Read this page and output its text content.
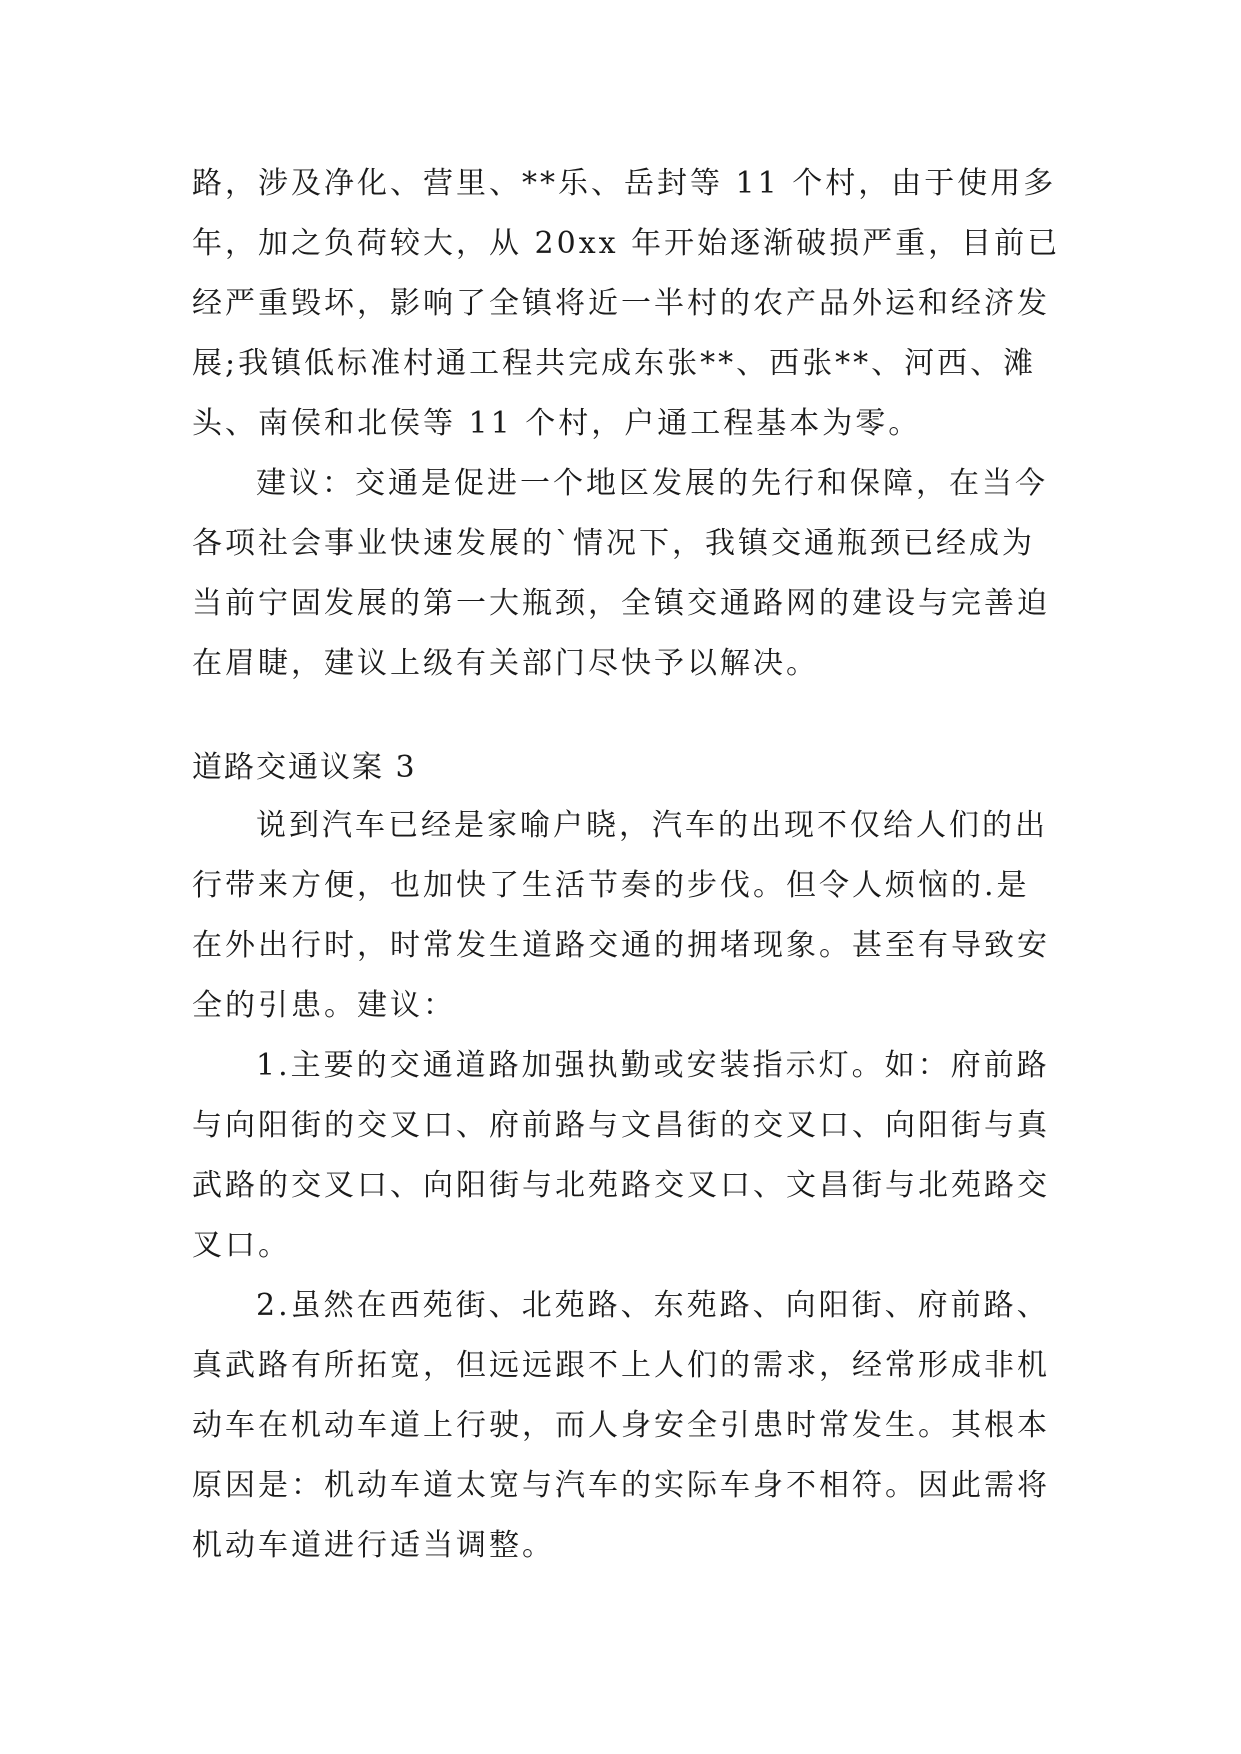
路，涉及净化、营里、**乐、岳封等 11 个村，由于使用多
年，加之负荷较大，从 20xx 年开始逐渐破损严重，目前已
经严重毁坏，影响了全镇将近一半村的农产品外运和经济发
展;我镇低标准村通工程共完成东张**、西张**、河西、滩
头、南侯和北侯等 11 个村，户通工程基本为零。
建议：交通是促进一个地区发展的先行和保障，在当今
各项社会事业快速发展的`情况下，我镇交通瓶颈已经成为
当前宁固发展的第一大瓶颈，全镇交通路网的建设与完善迫
在眉睫，建议上级有关部门尽快予以解决。
道路交通议案 3
说到汽车已经是家喻户晓，汽车的出现不仅给人们的出
行带来方便，也加快了生活节奏的步伐。但令人烦恼的.是
在外出行时，时常发生道路交通的拥堵现象。甚至有导致安
全的引患。建议：
1.主要的交通道路加强执勤或安装指示灯。如：府前路
与向阳街的交叉口、府前路与文昌街的交叉口、向阳街与真
武路的交叉口、向阳街与北苑路交叉口、文昌街与北苑路交
叉口。
2.虽然在西苑街、北苑路、东苑路、向阳街、府前路、
真武路有所拓宽，但远远跟不上人们的需求，经常形成非机
动车在机动车道上行驶，而人身安全引患时常发生。其根本
原因是：机动车道太宽与汽车的实际车身不相符。因此需将
机动车道进行适当调整。
